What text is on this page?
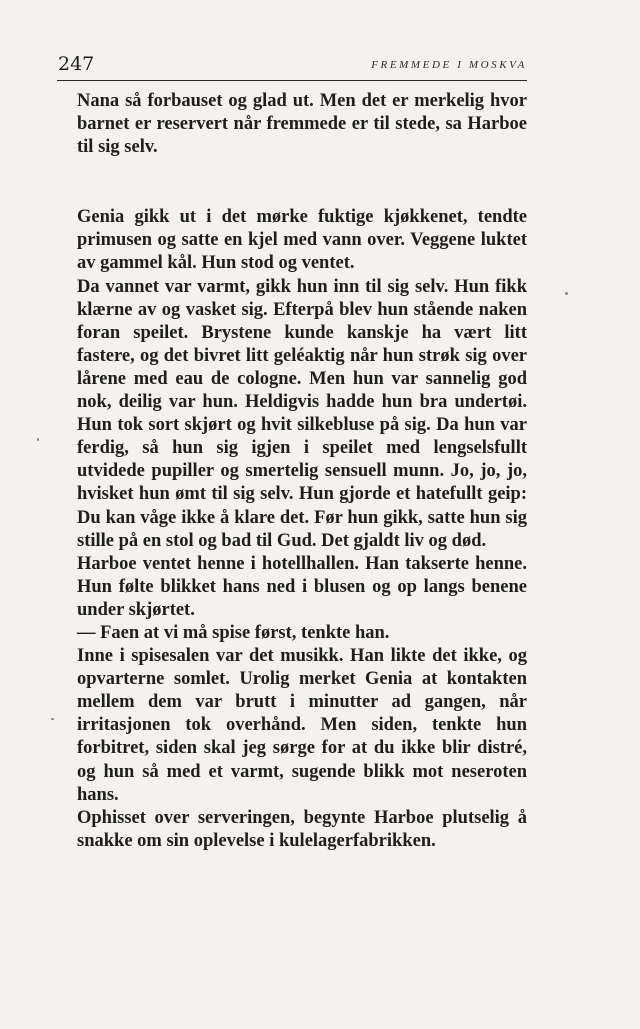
247	FREMMEDE I MOSKVA

Nana så forbauset og glad ut. Men det er merkelig hvor barnet er reservert når fremmede er til stede, sa Harboe til sig selv.

Genia gikk ut i det mørke fuktige kjøkkenet, tendte primusen og satte en kjel med vann over. Veggene luktet av gammel kål. Hun stod og ventet.

Da vannet var varmt, gikk hun inn til sig selv. Hun fikk klærne av og vasket sig. Efterpå blev hun stående naken foran speilet. Brystene kunde kanskje ha vært litt fastere, og det bivret litt geléaktig når hun strøk sig over lårene med eau de cologne. Men hun var sannelig god nok, deilig var hun. Heldigvis hadde hun bra undertøi. Hun tok sort skjørt og hvit silkebluse på sig. Da hun var ferdig, så hun sig igjen i speilet med lengselsfullt utvidede pupiller og smertelig sensuell munn. Jo, jo, jo, hvisket hun ømt til sig selv. Hun gjorde et hatefullt geip: Du kan våge ikke å klare det. Før hun gikk, satte hun sig stille på en stol og bad til Gud. Det gjaldt liv og død.

Harboe ventet henne i hotellhallen. Han takserte henne. Hun følte blikket hans ned i blusen og op langs benene under skjørtet.

— Faen at vi må spise først, tenkte han.

Inne i spisesalen var det musikk. Han likte det ikke, og opvarterne somlet. Urolig merket Genia at kontakten mellem dem var brutt i minutter ad gangen, når irritasjonen tok overhånd. Men siden, tenkte hun forbitret, siden skal jeg sørge for at du ikke blir distré, og hun så med et varmt, sugende blikk mot neseroten hans.

Ophisset over serveringen, begynte Harboe plutselig å snakke om sin oplevelse i kulelagerfabrikken.
